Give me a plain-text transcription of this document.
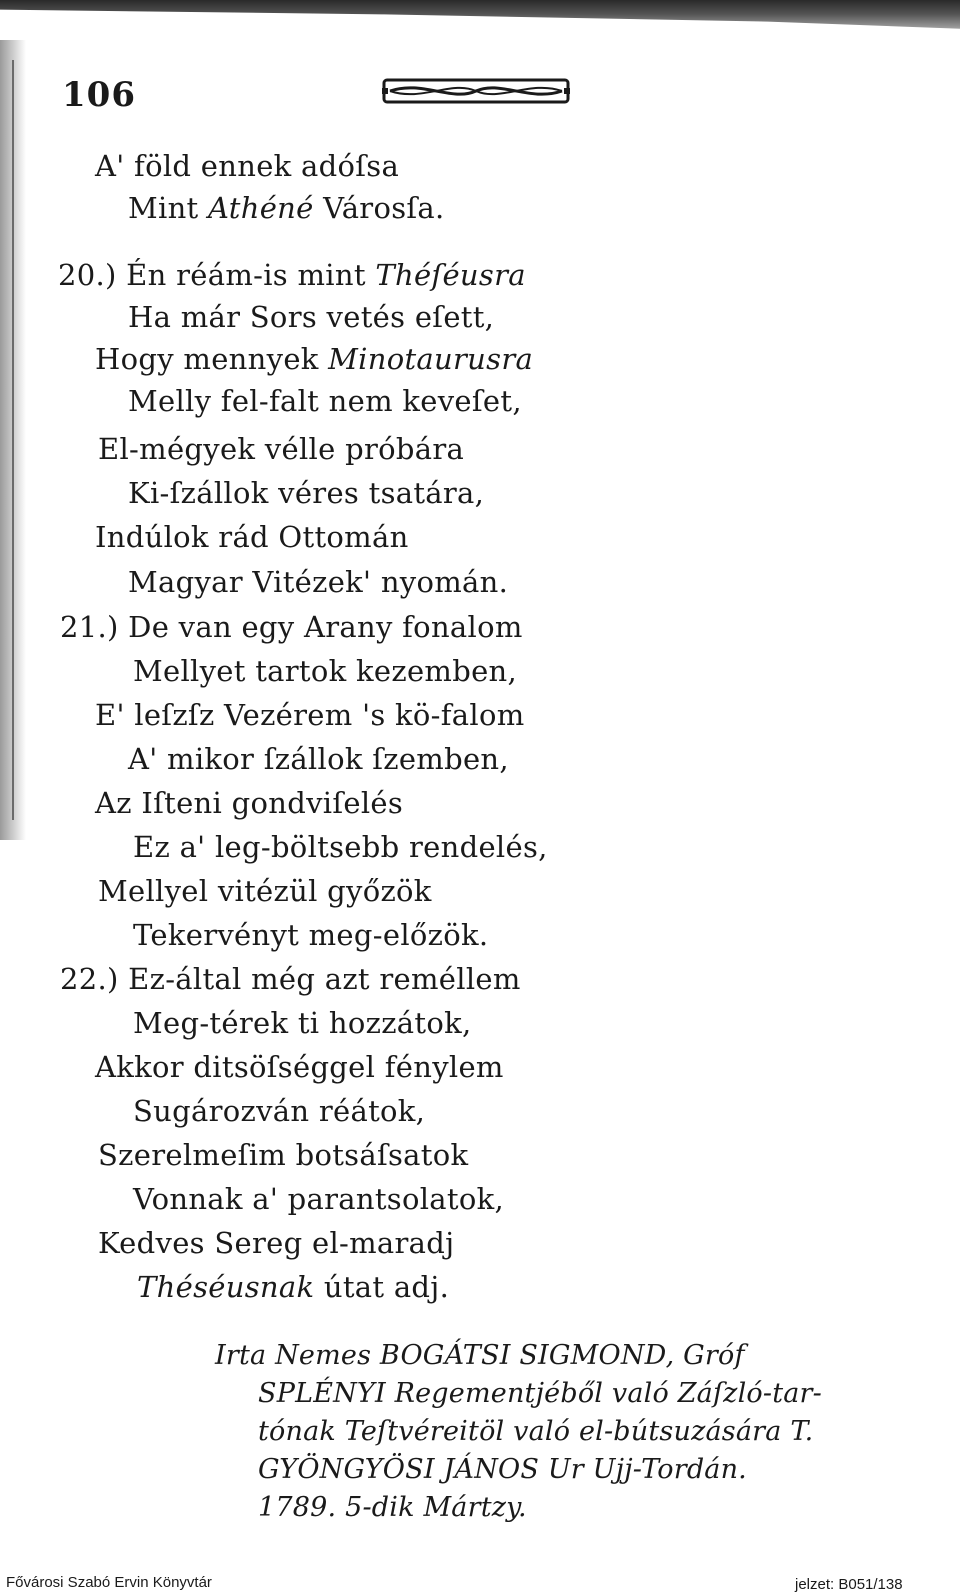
106
A' föld ennek adóſsa
Mint Athéné Városſa.
20.) Én réám-is mint Théſéusra
Ha már Sors vetés eſett,
Hogy mennyek Minotaurusra
Melly fel-falt nem keveſet,
El-mégyek vélle próbára
Ki-ſzállok véres tsatára,
Indúlok rád Ottomán
Magyar Vitézek' nyomán.
21.) De van egy Arany fonalom
Mellyet tartok kezemben,
E' leſzſz Vezérem 's kö-falom
A' mikor ſzállok ſzemben,
Az Iſteni gondviſelés
Ez a' leg-böltsebb rendelés,
Mellyel vitézül győzök
Tekervényt meg-előzök.
22.) Ez-által még azt reméllem
Meg-térek ti hozzátok,
Akkor ditsöſséggel fénylem
Sugározván réátok,
Szerelmeſim botsáſsatok
Vonnak a' parantsolatok,
Kedves Sereg el-maradj
Théséusnak útat adj.
Irta Nemes BOGÁTSI SIGMOND, Gróf
SPLÉNYI Regementjéből való Záſzló-tar-
tónak Teſtvéreitöl való el-bútsuzására T.
GYÖNGYÖSI JÁNOS Ur Ujj-Tordán.
1789. 5-dik Mártzy.
Fővárosi Szabó Ervin Könyvtár	jelzet: B051/138
